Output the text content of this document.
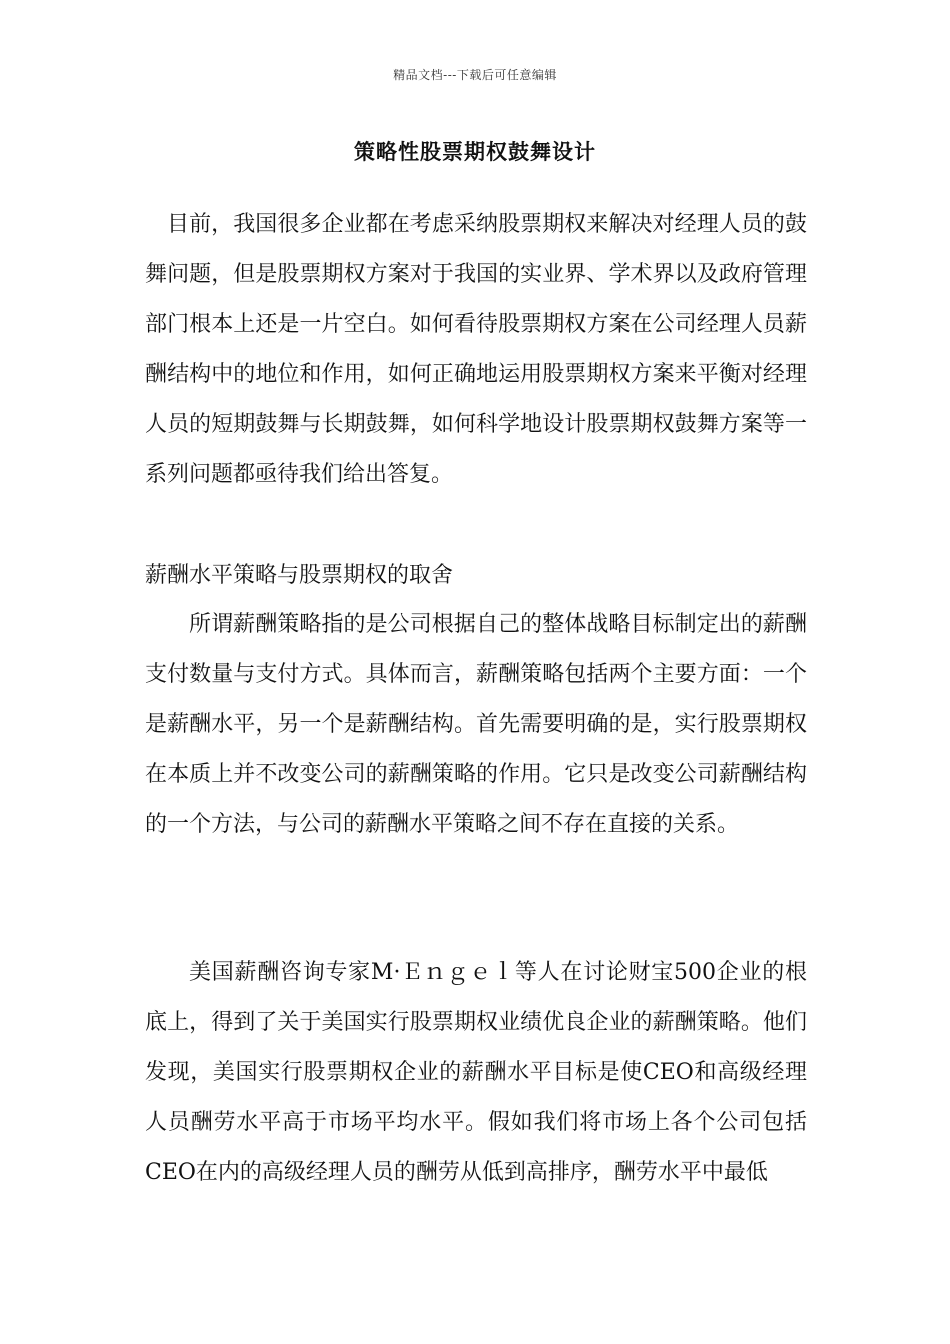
精品文档---下载后可任意编辑
策略性股票期权鼓舞设计

目前，我国很多企业都在考虑采纳股票期权来解决对经理人员的鼓舞问题，但是股票期权方案对于我国的实业界、学术界以及政府管理部门根本上还是一片空白。如何看待股票期权方案在公司经理人员薪酬结构中的地位和作用，如何正确地运用股票期权方案来平衡对经理人员的短期鼓舞与长期鼓舞，如何科学地设计股票期权鼓舞方案等一系列问题都亟待我们给出答复。

薪酬水平策略与股票期权的取舍

所谓薪酬策略指的是公司根据自己的整体战略目标制定出的薪酬支付数量与支付方式。具体而言，薪酬策略包括两个主要方面：一个是薪酬水平，另一个是薪酬结构。首先需要明确的是，实行股票期权在本质上并不改变公司的薪酬策略的作用。它只是改变公司薪酬结构的一个方法，与公司的薪酬水平策略之间不存在直接的关系。

美国薪酬咨询专家M·Ｅｎｇｅｌ等人在讨论财宝500企业的根底上，得到了关于美国实行股票期权业绩优良企业的薪酬策略。他们发现，美国实行股票期权企业的薪酬水平目标是使CEO和高级经理人员酬劳水平高于市场平均水平。假如我们将市场上各个公司包括CEO在内的高级经理人员的酬劳从低到高排序，酬劳水平中最低
